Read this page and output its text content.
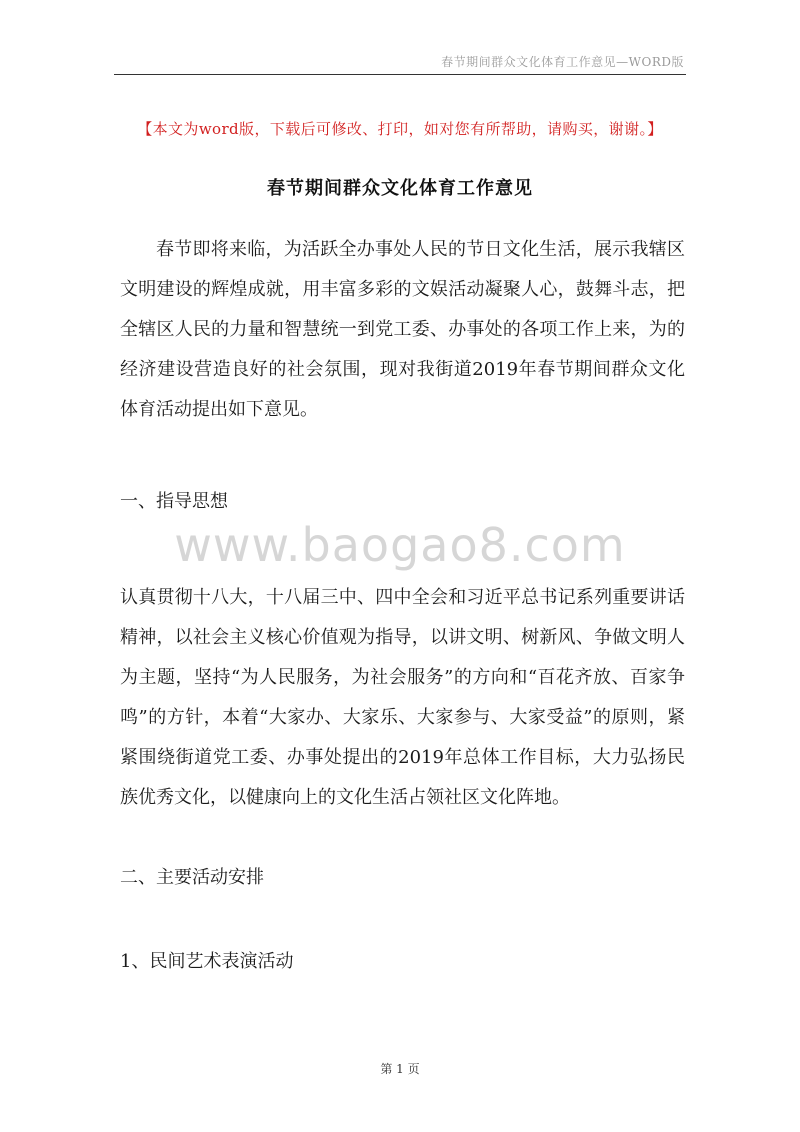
春节期间群众文化体育工作意见—WORD版
【本文为word版，下载后可修改、打印，如对您有所帮助，请购买，谢谢。】
春节期间群众文化体育工作意见

春节即将来临，为活跃全办事处人民的节日文化生活，展示我辖区文明建设的辉煌成就，用丰富多彩的文娱活动凝聚人心，鼓舞斗志，把全辖区人民的力量和智慧统一到党工委、办事处的各项工作上来，为的经济建设营造良好的社会氛围，现对我街道2019年春节期间群众文化体育活动提出如下意见。

一、指导思想

www.baogao8.com

认真贯彻十八大，十八届三中、四中全会和习近平总书记系列重要讲话精神，以社会主义核心价值观为指导，以讲文明、树新风、争做文明人为主题，坚持“为人民服务，为社会服务”的方向和“百花齐放、百家争鸣”的方针，本着“大家办、大家乐、大家参与、大家受益”的原则，紧紧围绕街道党工委、办事处提出的2019年总体工作目标，大力弘扬民族优秀文化，以健康向上的文化生活占领社区文化阵地。

二、主要活动安排

1、民间艺术表演活动

第 1 页
